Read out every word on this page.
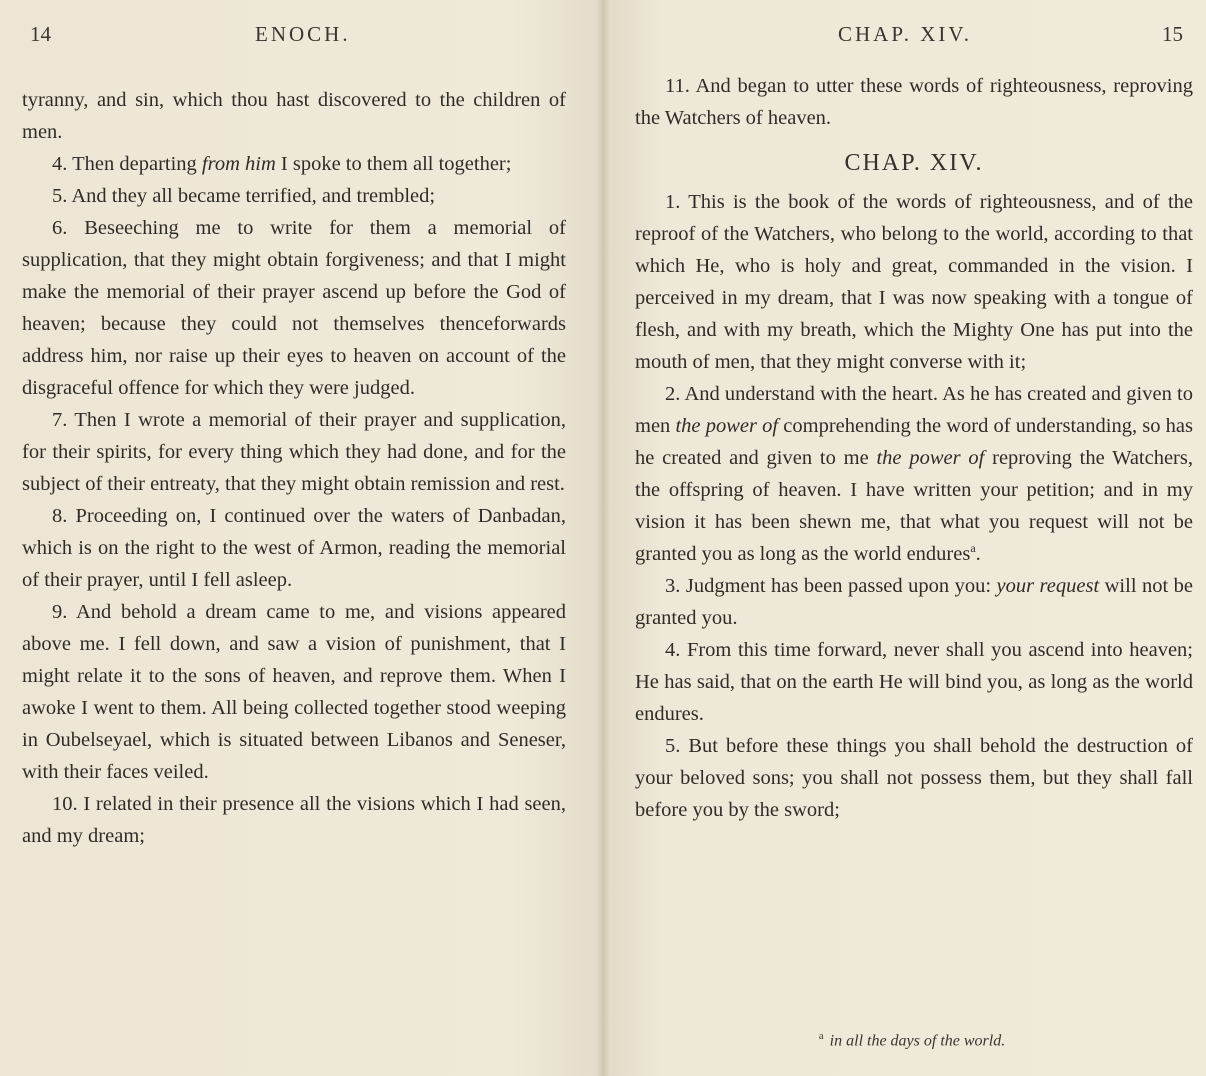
14	ENOCH.

tyranny, and sin, which thou hast discovered to the children of men.

4. Then departing from him I spoke to them all together;

5. And they all became terrified, and trembled;

6. Beseeching me to write for them a memorial of supplication, that they might obtain forgiveness; and that I might make the memorial of their prayer ascend up before the God of heaven; because they could not themselves thenceforwards address him, nor raise up their eyes to heaven on account of the disgraceful offence for which they were judged.

7. Then I wrote a memorial of their prayer and supplication, for their spirits, for every thing which they had done, and for the subject of their entreaty, that they might obtain remission and rest.

8. Proceeding on, I continued over the waters of Danbadan, which is on the right to the west of Armon, reading the memorial of their prayer, until I fell asleep.

9. And behold a dream came to me, and visions appeared above me. I fell down, and saw a vision of punishment, that I might relate it to the sons of heaven, and reprove them. When I awoke I went to them. All being collected together stood weeping in Oubelseyael, which is situated between Libanos and Seneser, with their faces veiled.

10. I related in their presence all the visions which I had seen, and my dream;

CHAP. XIV.	15

11. And began to utter these words of righteousness, reproving the Watchers of heaven.

CHAP. XIV.

1. This is the book of the words of righteousness, and of the reproof of the Watchers, who belong to the world, according to that which He, who is holy and great, commanded in the vision. I perceived in my dream, that I was now speaking with a tongue of flesh, and with my breath, which the Mighty One has put into the mouth of men, that they might converse with it;

2. And understand with the heart. As he has created and given to men the power of comprehending the word of understanding, so has he created and given to me the power of reproving the Watchers, the offspring of heaven. I have written your petition; and in my vision it has been shewn me, that what you request will not be granted you as long as the world endures$^a$.

3. Judgment has been passed upon you: your request will not be granted you.

4. From this time forward, never shall you ascend into heaven; He has said, that on the earth He will bind you, as long as the world endures.

5. But before these things you shall behold the destruction of your beloved sons; you shall not possess them, but they shall fall before you by the sword;

$^a$ in all the days of the world.
